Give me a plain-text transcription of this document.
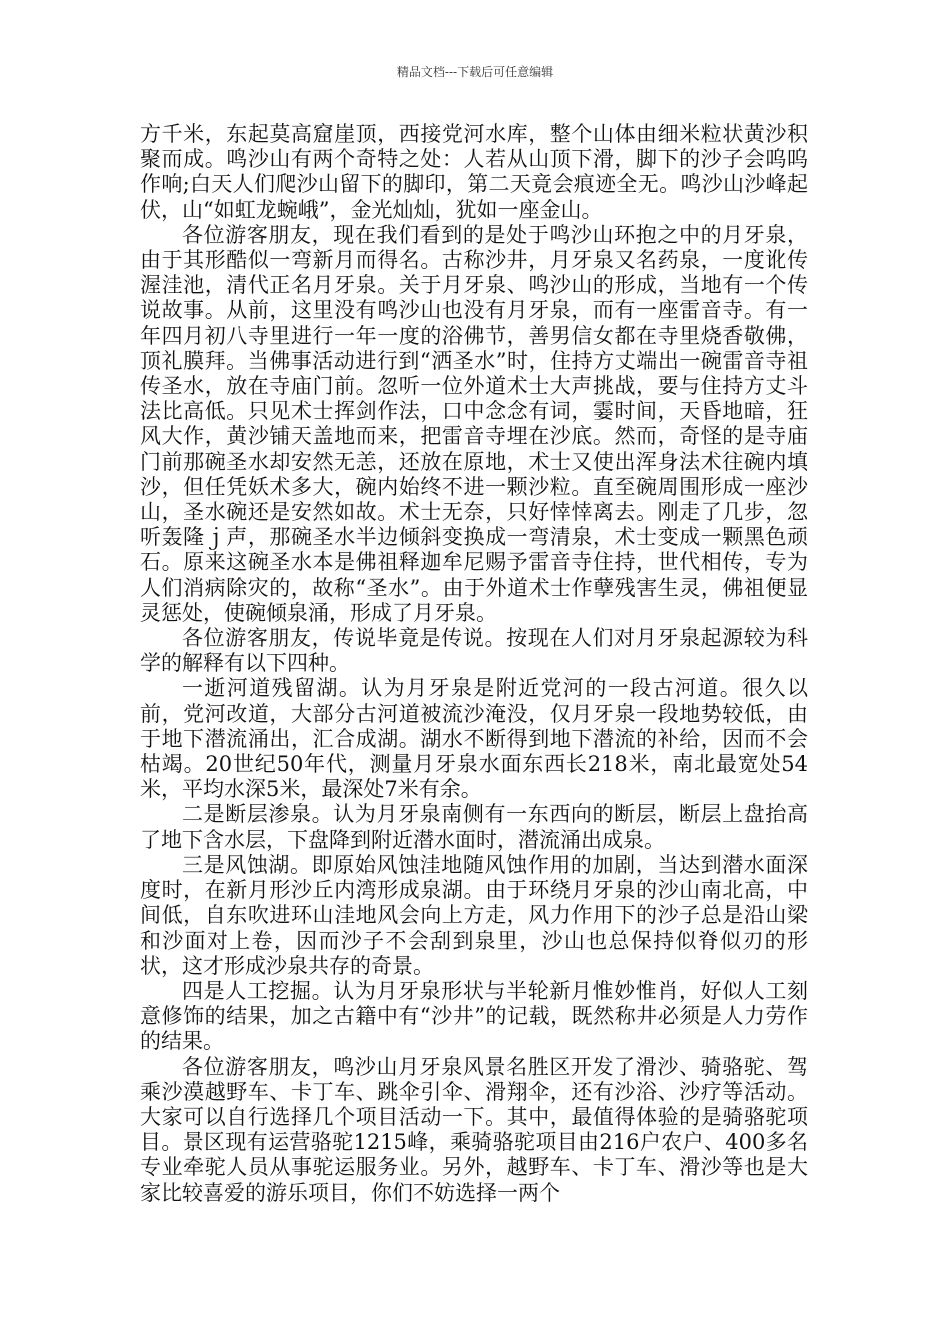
精品文档---下载后可任意编辑

方千米，东起莫高窟崖顶，西接党河水库，整个山体由细米粒状黄沙积聚而成。鸣沙山有两个奇特之处：人若从山顶下滑，脚下的沙子会呜呜作响;白天人们爬沙山留下的脚印，第二天竟会痕迹全无。鸣沙山沙峰起伏，山“如虹龙蜿峨”，金光灿灿，犹如一座金山。

各位游客朋友，现在我们看到的是处于鸣沙山环抱之中的月牙泉，由于其形酷似一弯新月而得名。古称沙井，月牙泉又名药泉，一度讹传渥洼池，清代正名月牙泉。关于月牙泉、鸣沙山的形成，当地有一个传说故事。从前，这里没有鸣沙山也没有月牙泉，而有一座雷音寺。有一年四月初八寺里进行一年一度的浴佛节，善男信女都在寺里烧香敬佛，顶礼膜拜。当佛事活动进行到“洒圣水”时，住持方丈端出一碗雷音寺祖传圣水，放在寺庙门前。忽听一位外道术士大声挑战，要与住持方丈斗法比高低。只见术士挥剑作法，口中念念有词，霎时间，天昏地暗，狂风大作，黄沙铺天盖地而来，把雷音寺埋在沙底。然而，奇怪的是寺庙门前那碗圣水却安然无恙，还放在原地，术士又使出浑身法术往碗内填沙，但任凭妖术多大，碗内始终不进一颗沙粒。直至碗周围形成一座沙山，圣水碗还是安然如故。术士无奈，只好悻悻离去。刚走了几步，忽听轰隆ｊ声，那碗圣水半边倾斜变换成一弯清泉，术士变成一颗黑色顽石。原来这碗圣水本是佛祖释迦牟尼赐予雷音寺住持，世代相传，专为人们消病除灾的，故称“圣水”。由于外道术士作孽残害生灵，佛祖便显灵惩处，使碗倾泉涌，形成了月牙泉。

各位游客朋友，传说毕竟是传说。按现在人们对月牙泉起源较为科学的解释有以下四种。

一逝河道残留湖。认为月牙泉是附近党河的一段古河道。很久以前，党河改道，大部分古河道被流沙淹没，仅月牙泉一段地势较低，由于地下潜流涌出，汇合成湖。湖水不断得到地下潜流的补给，因而不会枯竭。20世纪50年代，测量月牙泉水面东西长218米，南北最宽处54米，平均水深5米，最深处7米有余。

二是断层渗泉。认为月牙泉南侧有一东西向的断层，断层上盘抬高了地下含水层，下盘降到附近潜水面时，潜流涌出成泉。

三是风蚀湖。即原始风蚀洼地随风蚀作用的加剧，当达到潜水面深度时，在新月形沙丘内湾形成泉湖。由于环绕月牙泉的沙山南北高，中间低，自东吹进环山洼地风会向上方走，风力作用下的沙子总是沿山梁和沙面对上卷，因而沙子不会刮到泉里，沙山也总保持似脊似刃的形状，这才形成沙泉共存的奇景。

四是人工挖掘。认为月牙泉形状与半轮新月惟妙惟肖，好似人工刻意修饰的结果，加之古籍中有“沙井”的记载，既然称井必须是人力劳作的结果。

各位游客朋友，鸣沙山月牙泉风景名胜区开发了滑沙、骑骆驼、驾乘沙漠越野车、卡丁车、跳伞引伞、滑翔伞，还有沙浴、沙疗等活动。大家可以自行选择几个项目活动一下。其中，最值得体验的是骑骆驼项目。景区现有运营骆驼1215峰，乘骑骆驼项目由216户农户、400多名专业牵驼人员从事驼运服务业。另外，越野车、卡丁车、滑沙等也是大家比较喜爱的游乐项目，你们不妨选择一两个
